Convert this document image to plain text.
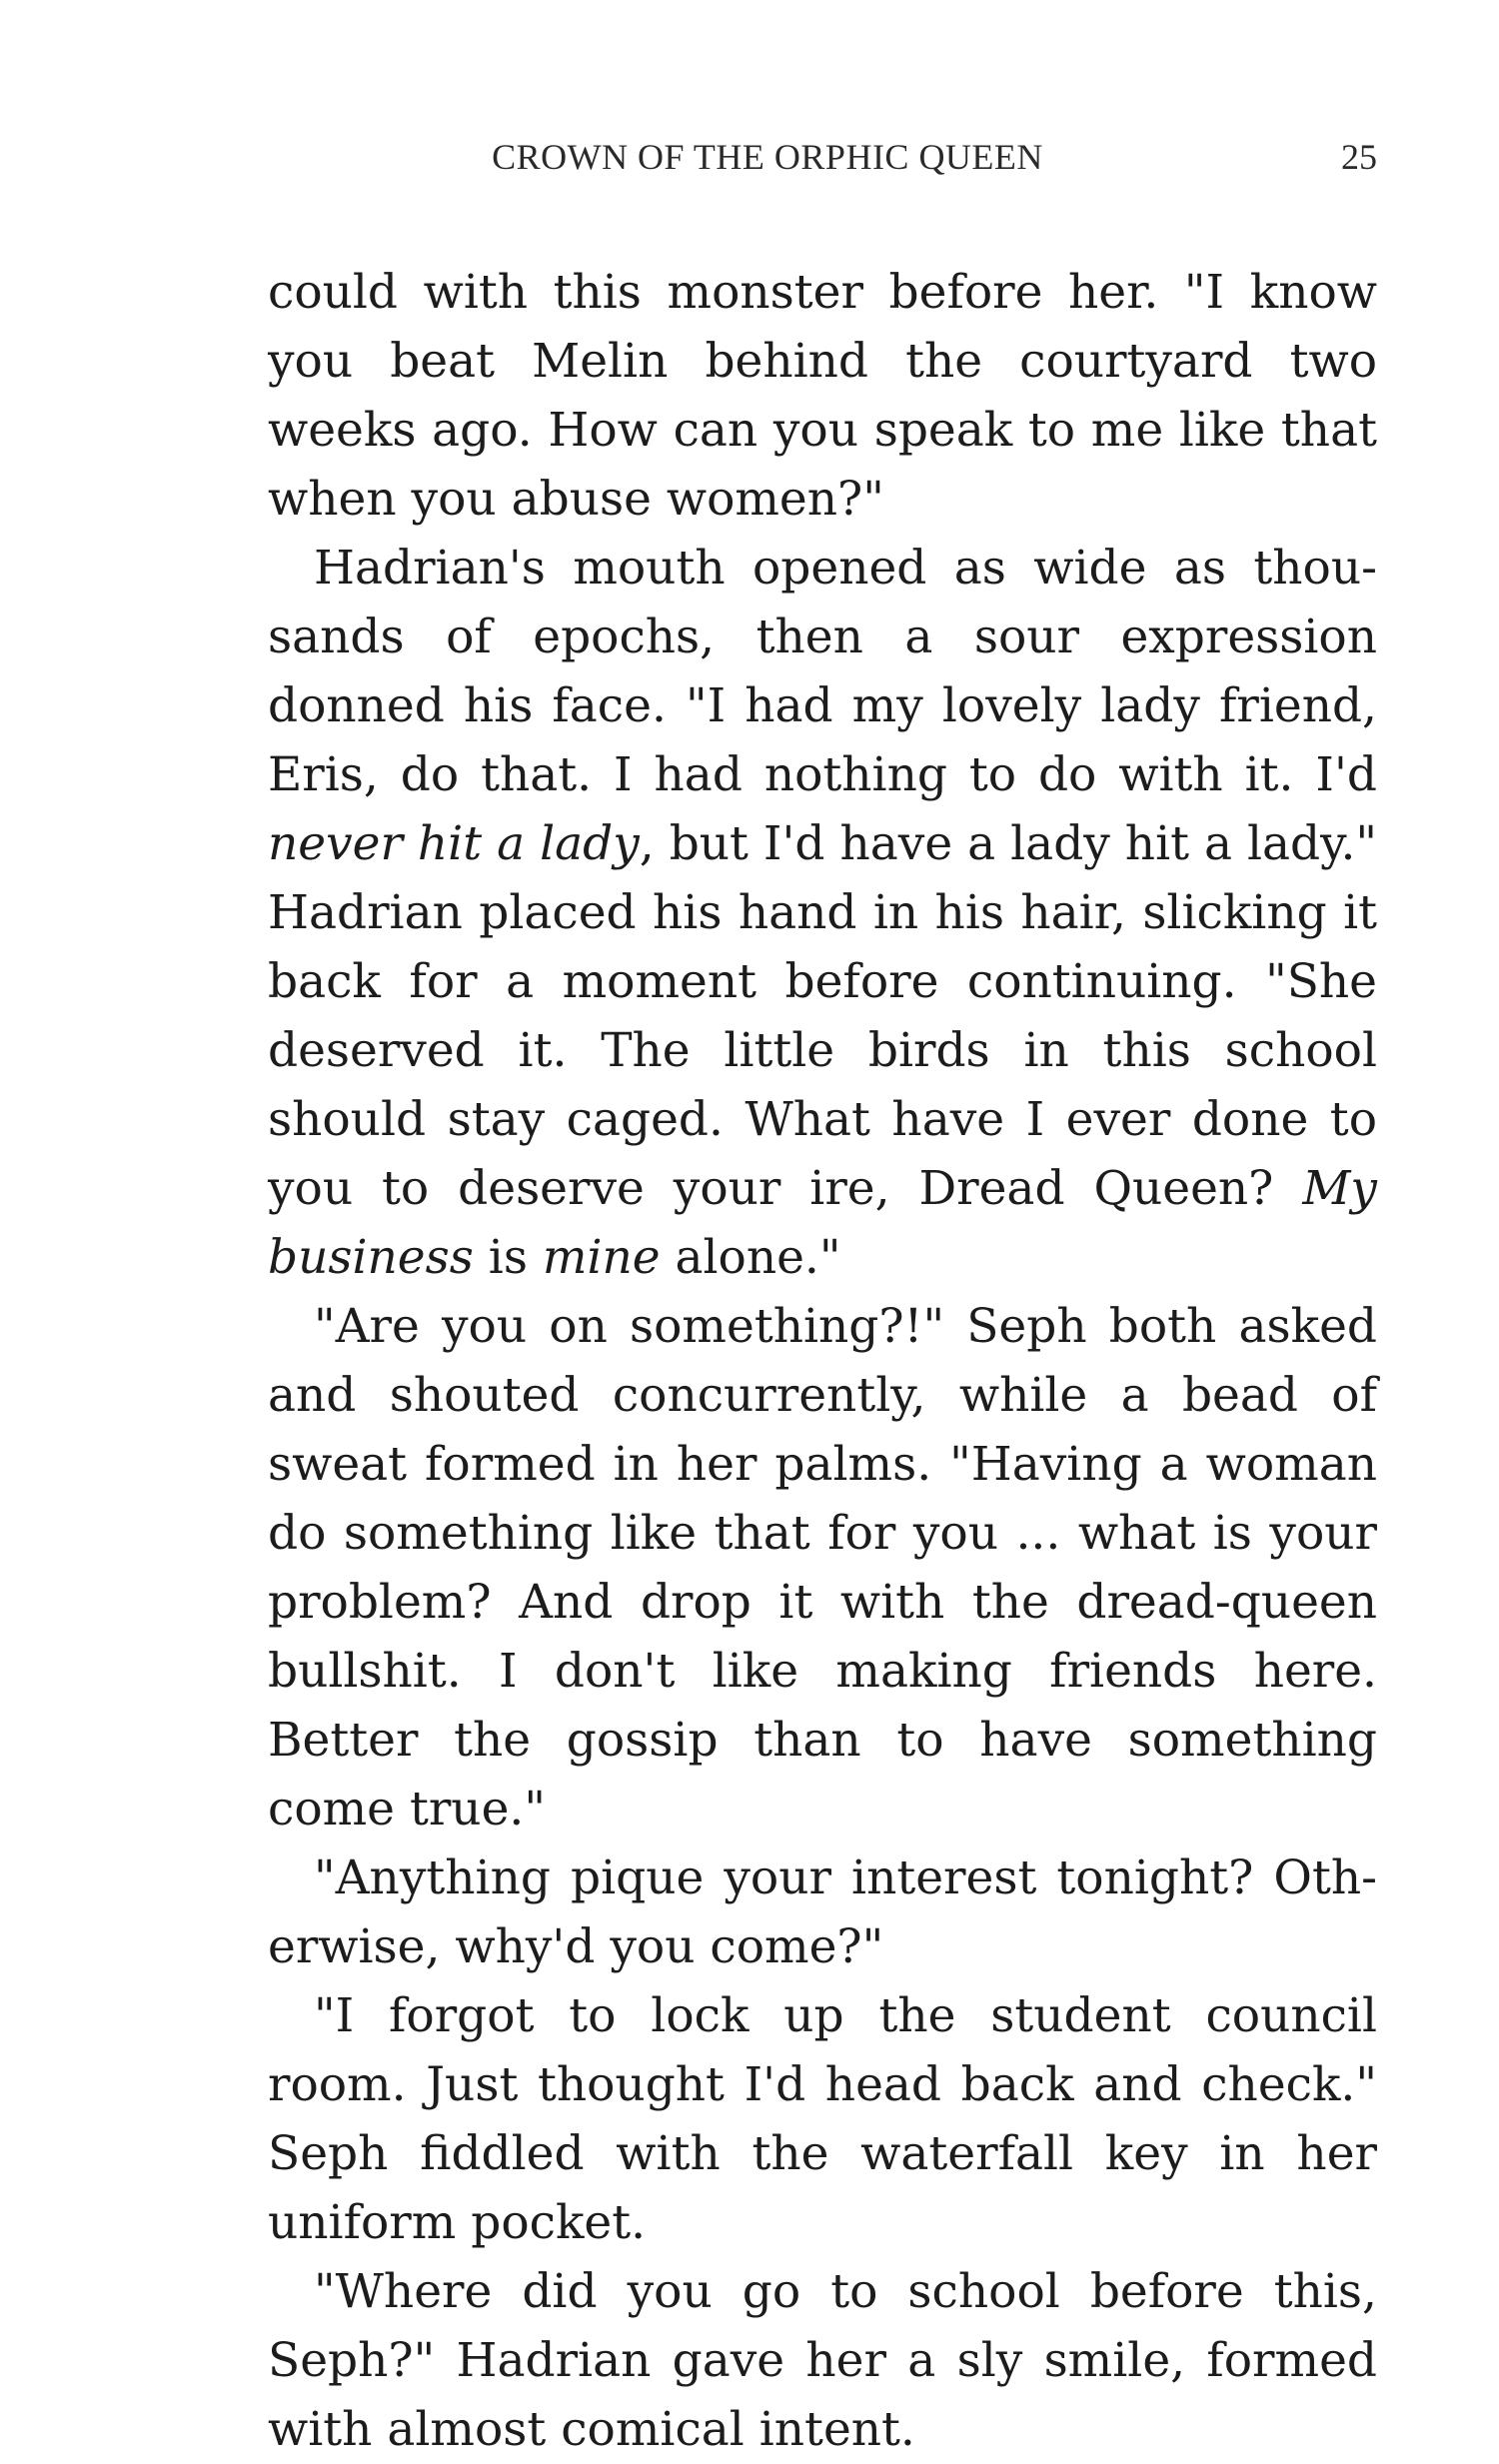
CROWN OF THE ORPHIC QUEEN	25

could with this monster before her. "I know you beat Melin behind the courtyard two weeks ago. How can you speak to me like that when you abuse women?"

Hadrian's mouth opened as wide as thousands of epochs, then a sour expression donned his face. "I had my lovely lady friend, Eris, do that. I had nothing to do with it. I'd never hit a lady, but I'd have a lady hit a lady." Hadrian placed his hand in his hair, slicking it back for a moment before continuing. "She deserved it. The little birds in this school should stay caged. What have I ever done to you to deserve your ire, Dread Queen? My business is mine alone."

"Are you on something?!" Seph both asked and shouted concurrently, while a bead of sweat formed in her palms. "Having a woman do something like that for you ... what is your problem? And drop it with the dread-queen bullshit. I don't like making friends here. Better the gossip than to have something come true."

"Anything pique your interest tonight? Otherwise, why'd you come?"

"I forgot to lock up the student council room. Just thought I'd head back and check." Seph fiddled with the waterfall key in her uniform pocket.

"Where did you go to school before this, Seph?" Hadrian gave her a sly smile, formed with almost comical intent.
